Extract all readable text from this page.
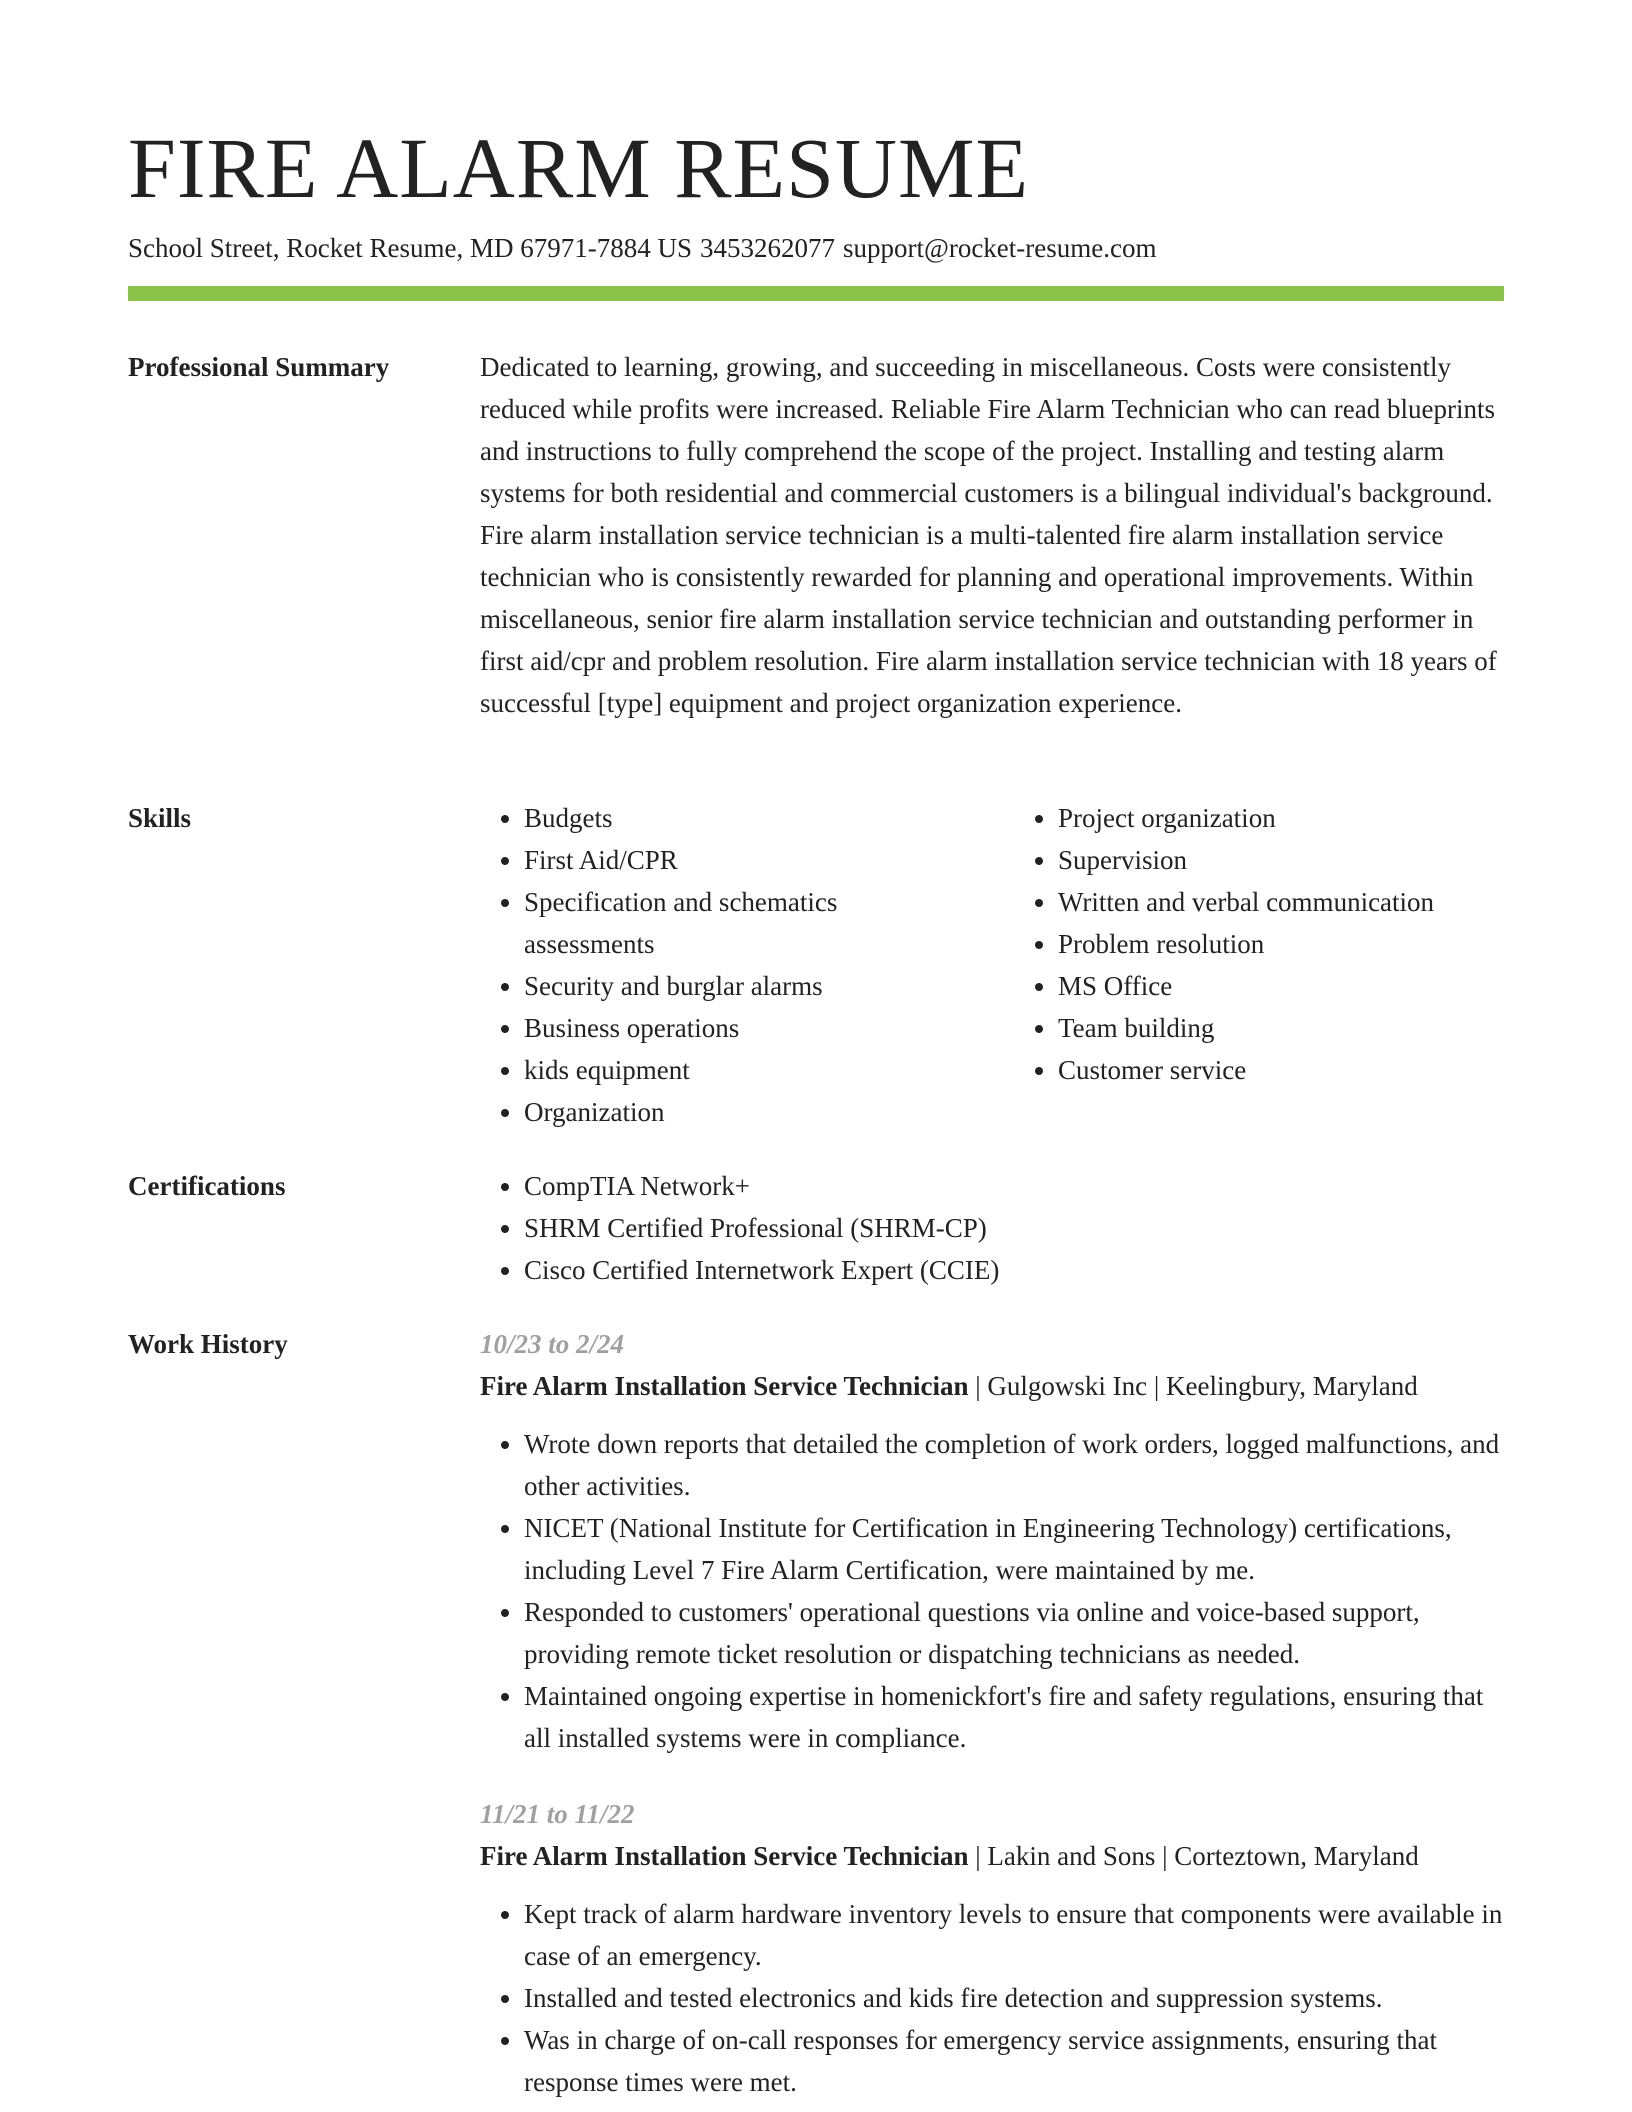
FIRE ALARM RESUME
School Street, Rocket Resume, MD 67971-7884 US 3453262077 support@rocket-resume.com
Professional Summary	Dedicated to learning, growing, and succeeding in miscellaneous. Costs were consistently reduced while profits were increased. Reliable Fire Alarm Technician who can read blueprints and instructions to fully comprehend the scope of the project. Installing and testing alarm systems for both residential and commercial customers is a bilingual individual's background. Fire alarm installation service technician is a multi-talented fire alarm installation service technician who is consistently rewarded for planning and operational improvements. Within miscellaneous, senior fire alarm installation service technician and outstanding performer in first aid/cpr and problem resolution. Fire alarm installation service technician with 18 years of successful [type] equipment and project organization experience.

Skills	• Budgets
• First Aid/CPR
• Specification and schematics assessments
• Security and burglar alarms
• Business operations
• kids equipment
• Organization
• Project organization
• Supervision
• Written and verbal communication
• Problem resolution
• MS Office
• Team building
• Customer service
Certifications	• CompTIA Network+
• SHRM Certified Professional (SHRM-CP)
• Cisco Certified Internetwork Expert (CCIE)
Work History	10/23 to 2/24
Fire Alarm Installation Service Technician | Gulgowski Inc | Keelingbury, Maryland
• Wrote down reports that detailed the completion of work orders, logged malfunctions, and other activities.
• NICET (National Institute for Certification in Engineering Technology) certifications, including Level 7 Fire Alarm Certification, were maintained by me.
• Responded to customers' operational questions via online and voice-based support, providing remote ticket resolution or dispatching technicians as needed.
• Maintained ongoing expertise in homenickfort's fire and safety regulations, ensuring that all installed systems were in compliance.
11/21 to 11/22
Fire Alarm Installation Service Technician | Lakin and Sons | Corteztown, Maryland
• Kept track of alarm hardware inventory levels to ensure that components were available in case of an emergency.
• Installed and tested electronics and kids fire detection and suppression systems.
• Was in charge of on-call responses for emergency service assignments, ensuring that response times were met.
